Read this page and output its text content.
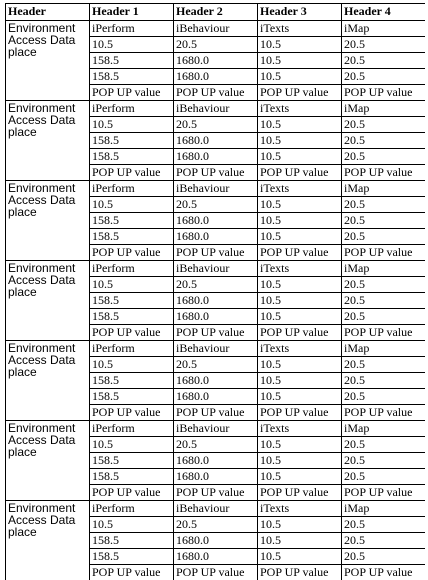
Header	Header 1	Header 2	Header 3	Header 4
Environment Access Data place	iPerform	iBehaviour	iTexts	iMap
	10.5	20.5	10.5	20.5
	158.5	1680.0	10.5	20.5
	158.5	1680.0	10.5	20.5
	POP UP value	POP UP value	POP UP value	POP UP value
Environment Access Data place	iPerform	iBehaviour	iTexts	iMap
	10.5	20.5	10.5	20.5
	158.5	1680.0	10.5	20.5
	158.5	1680.0	10.5	20.5
	POP UP value	POP UP value	POP UP value	POP UP value
Environment Access Data place	iPerform	iBehaviour	iTexts	iMap
	10.5	20.5	10.5	20.5
	158.5	1680.0	10.5	20.5
	158.5	1680.0	10.5	20.5
	POP UP value	POP UP value	POP UP value	POP UP value
Environment Access Data place	iPerform	iBehaviour	iTexts	iMap
	10.5	20.5	10.5	20.5
	158.5	1680.0	10.5	20.5
	158.5	1680.0	10.5	20.5
	POP UP value	POP UP value	POP UP value	POP UP value
Environment Access Data place	iPerform	iBehaviour	iTexts	iMap
	10.5	20.5	10.5	20.5
	158.5	1680.0	10.5	20.5
	158.5	1680.0	10.5	20.5
	POP UP value	POP UP value	POP UP value	POP UP value
Environment Access Data place	iPerform	iBehaviour	iTexts	iMap
	10.5	20.5	10.5	20.5
	158.5	1680.0	10.5	20.5
	158.5	1680.0	10.5	20.5
	POP UP value	POP UP value	POP UP value	POP UP value
Environment Access Data place	iPerform	iBehaviour	iTexts	iMap
	10.5	20.5	10.5	20.5
	158.5	1680.0	10.5	20.5
	158.5	1680.0	10.5	20.5
	POP UP value	POP UP value	POP UP value	POP UP value
